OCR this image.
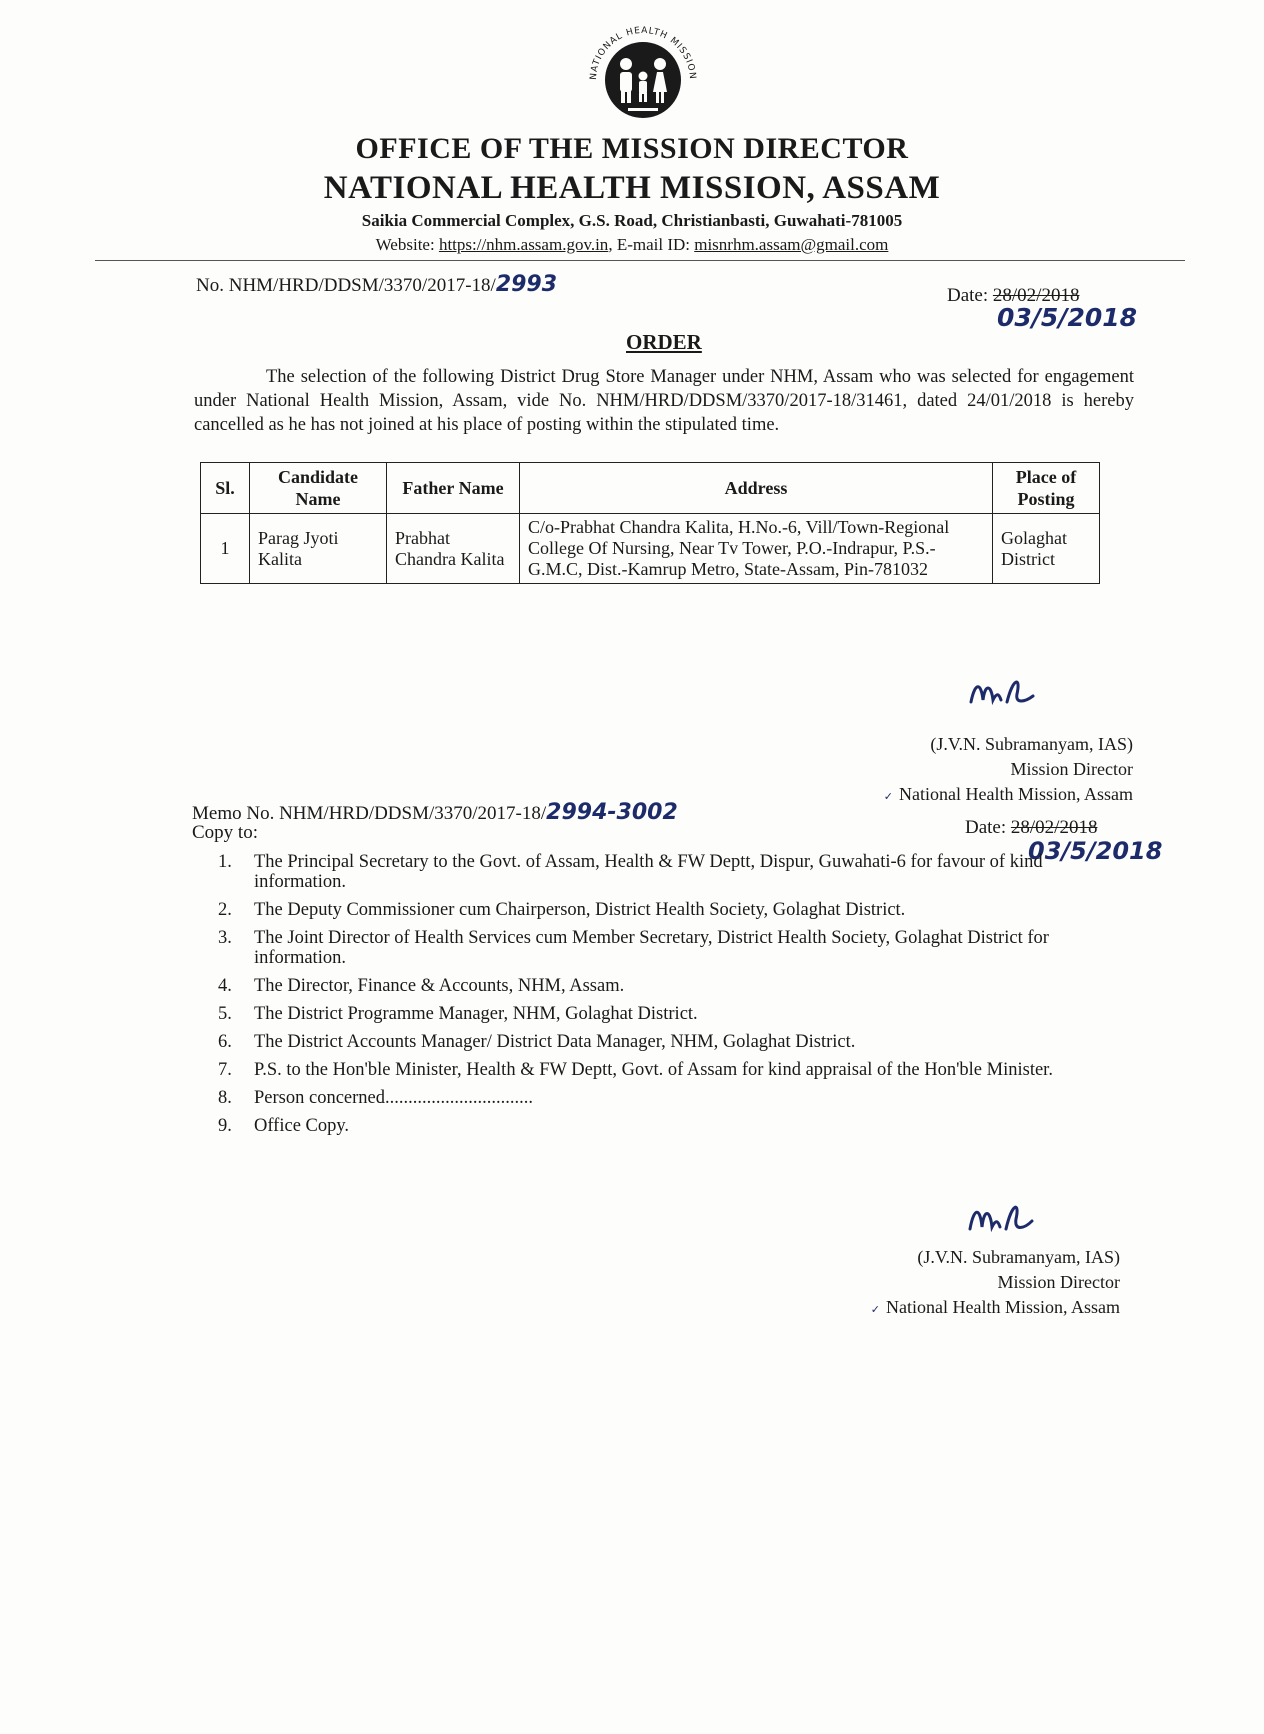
NATIONAL HEALTH MISSION
OFFICE OF THE MISSION DIRECTOR
NATIONAL HEALTH MISSION, ASSAM
Saikia Commercial Complex, G.S. Road, Christianbasti, Guwahati-781005
Website: https://nhm.assam.gov.in, E-mail ID: misnrhm.assam@gmail.com
No. NHM/HRD/DDSM/3370/2017-18/2993	Date: 28/02/2018
03/5/2018
ORDER
The selection of the following District Drug Store Manager under NHM, Assam who was selected for engagement under National Health Mission, Assam, vide No. NHM/HRD/DDSM/3370/2017-18/31461, dated 24/01/2018 is hereby cancelled as he has not joined at his place of posting within the stipulated time.
Sl.	Candidate Name	Father Name	Address	Place of Posting
1	Parag Jyoti Kalita	Prabhat Chandra Kalita	C/o-Prabhat Chandra Kalita, H.No.-6, Vill/Town-Regional College Of Nursing, Near Tv Tower, P.O.-Indrapur, P.S.-G.M.C, Dist.-Kamrup Metro, State-Assam, Pin-781032	Golaghat District
(J.V.N. Subramanyam, IAS)
Mission Director
✓ National Health Mission, Assam
Memo No. NHM/HRD/DDSM/3370/2017-18/2994-3002
Copy to:	Date: 28/02/2018
03/5/2018
1.	The Principal Secretary to the Govt. of Assam, Health & FW Deptt, Dispur, Guwahati-6 for favour of kind information.
2.	The Deputy Commissioner cum Chairperson, District Health Society, Golaghat District.
3.	The Joint Director of Health Services cum Member Secretary, District Health Society, Golaghat District for information.
4.	The Director, Finance & Accounts, NHM, Assam.
5.	The District Programme Manager, NHM, Golaghat District.
6.	The District Accounts Manager/ District Data Manager, NHM, Golaghat District.
7.	P.S. to the Hon'ble Minister, Health & FW Deptt, Govt. of Assam for kind appraisal of the Hon'ble Minister.
8.	Person concerned................................
9.	Office Copy.
(J.V.N. Subramanyam, IAS)
Mission Director
✓ National Health Mission, Assam
